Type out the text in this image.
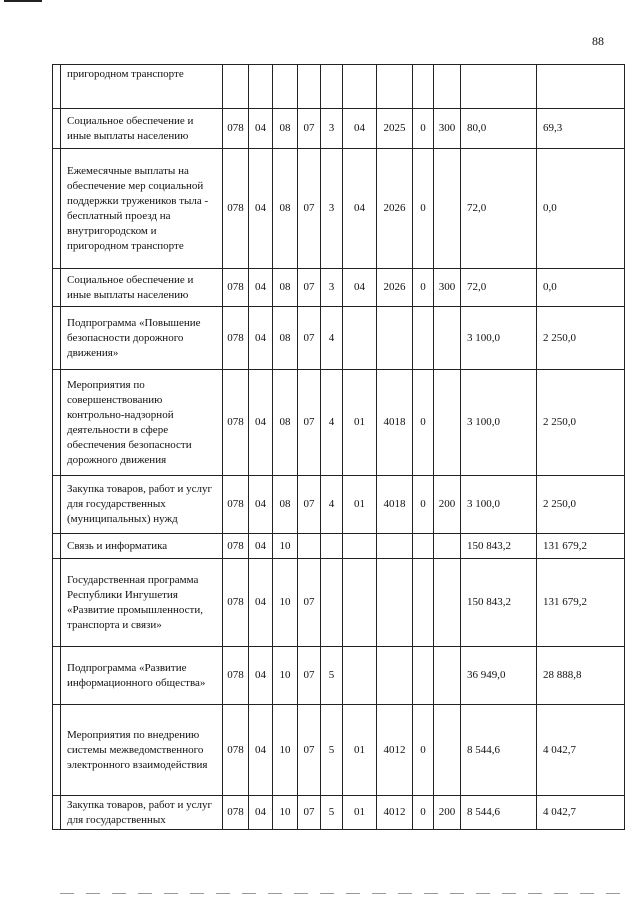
88
	пригородном транспорте											
	Социальное обеспечение и иные выплаты населению	078	04	08	07	3	04	2025	0	300	80,0	69,3
	Ежемесячные выплаты на обеспечение мер социальной поддержки тружеников тыла - бесплатный проезд на внутригородском и пригородном транспорте	078	04	08	07	3	04	2026	0		72,0	0,0
	Социальное обеспечение и иные выплаты населению	078	04	08	07	3	04	2026	0	300	72,0	0,0
	Подпрограмма «Повышение безопасности дорожного движения»	078	04	08	07	4					3 100,0	2 250,0
	Мероприятия по совершенствованию контрольно-надзорной деятельности в сфере обеспечения безопасности дорожного движения	078	04	08	07	4	01	4018	0		3 100,0	2 250,0
	Закупка товаров, работ и услуг для государственных (муниципальных) нужд	078	04	08	07	4	01	4018	0	200	3 100,0	2 250,0
	Связь и информатика	078	04	10							150 843,2	131 679,2
	Государственная программа Республики Ингушетия «Развитие промышленности, транспорта и связи»	078	04	10	07						150 843,2	131 679,2
	Подпрограмма «Развитие информационного общества»	078	04	10	07	5					36 949,0	28 888,8
	Мероприятия по внедрению системы межведомственного электронного взаимодействия	078	04	10	07	5	01	4012	0		8 544,6	4 042,7
	Закупка товаров, работ и услуг для государственных	078	04	10	07	5	01	4012	0	200	8 544,6	4 042,7
